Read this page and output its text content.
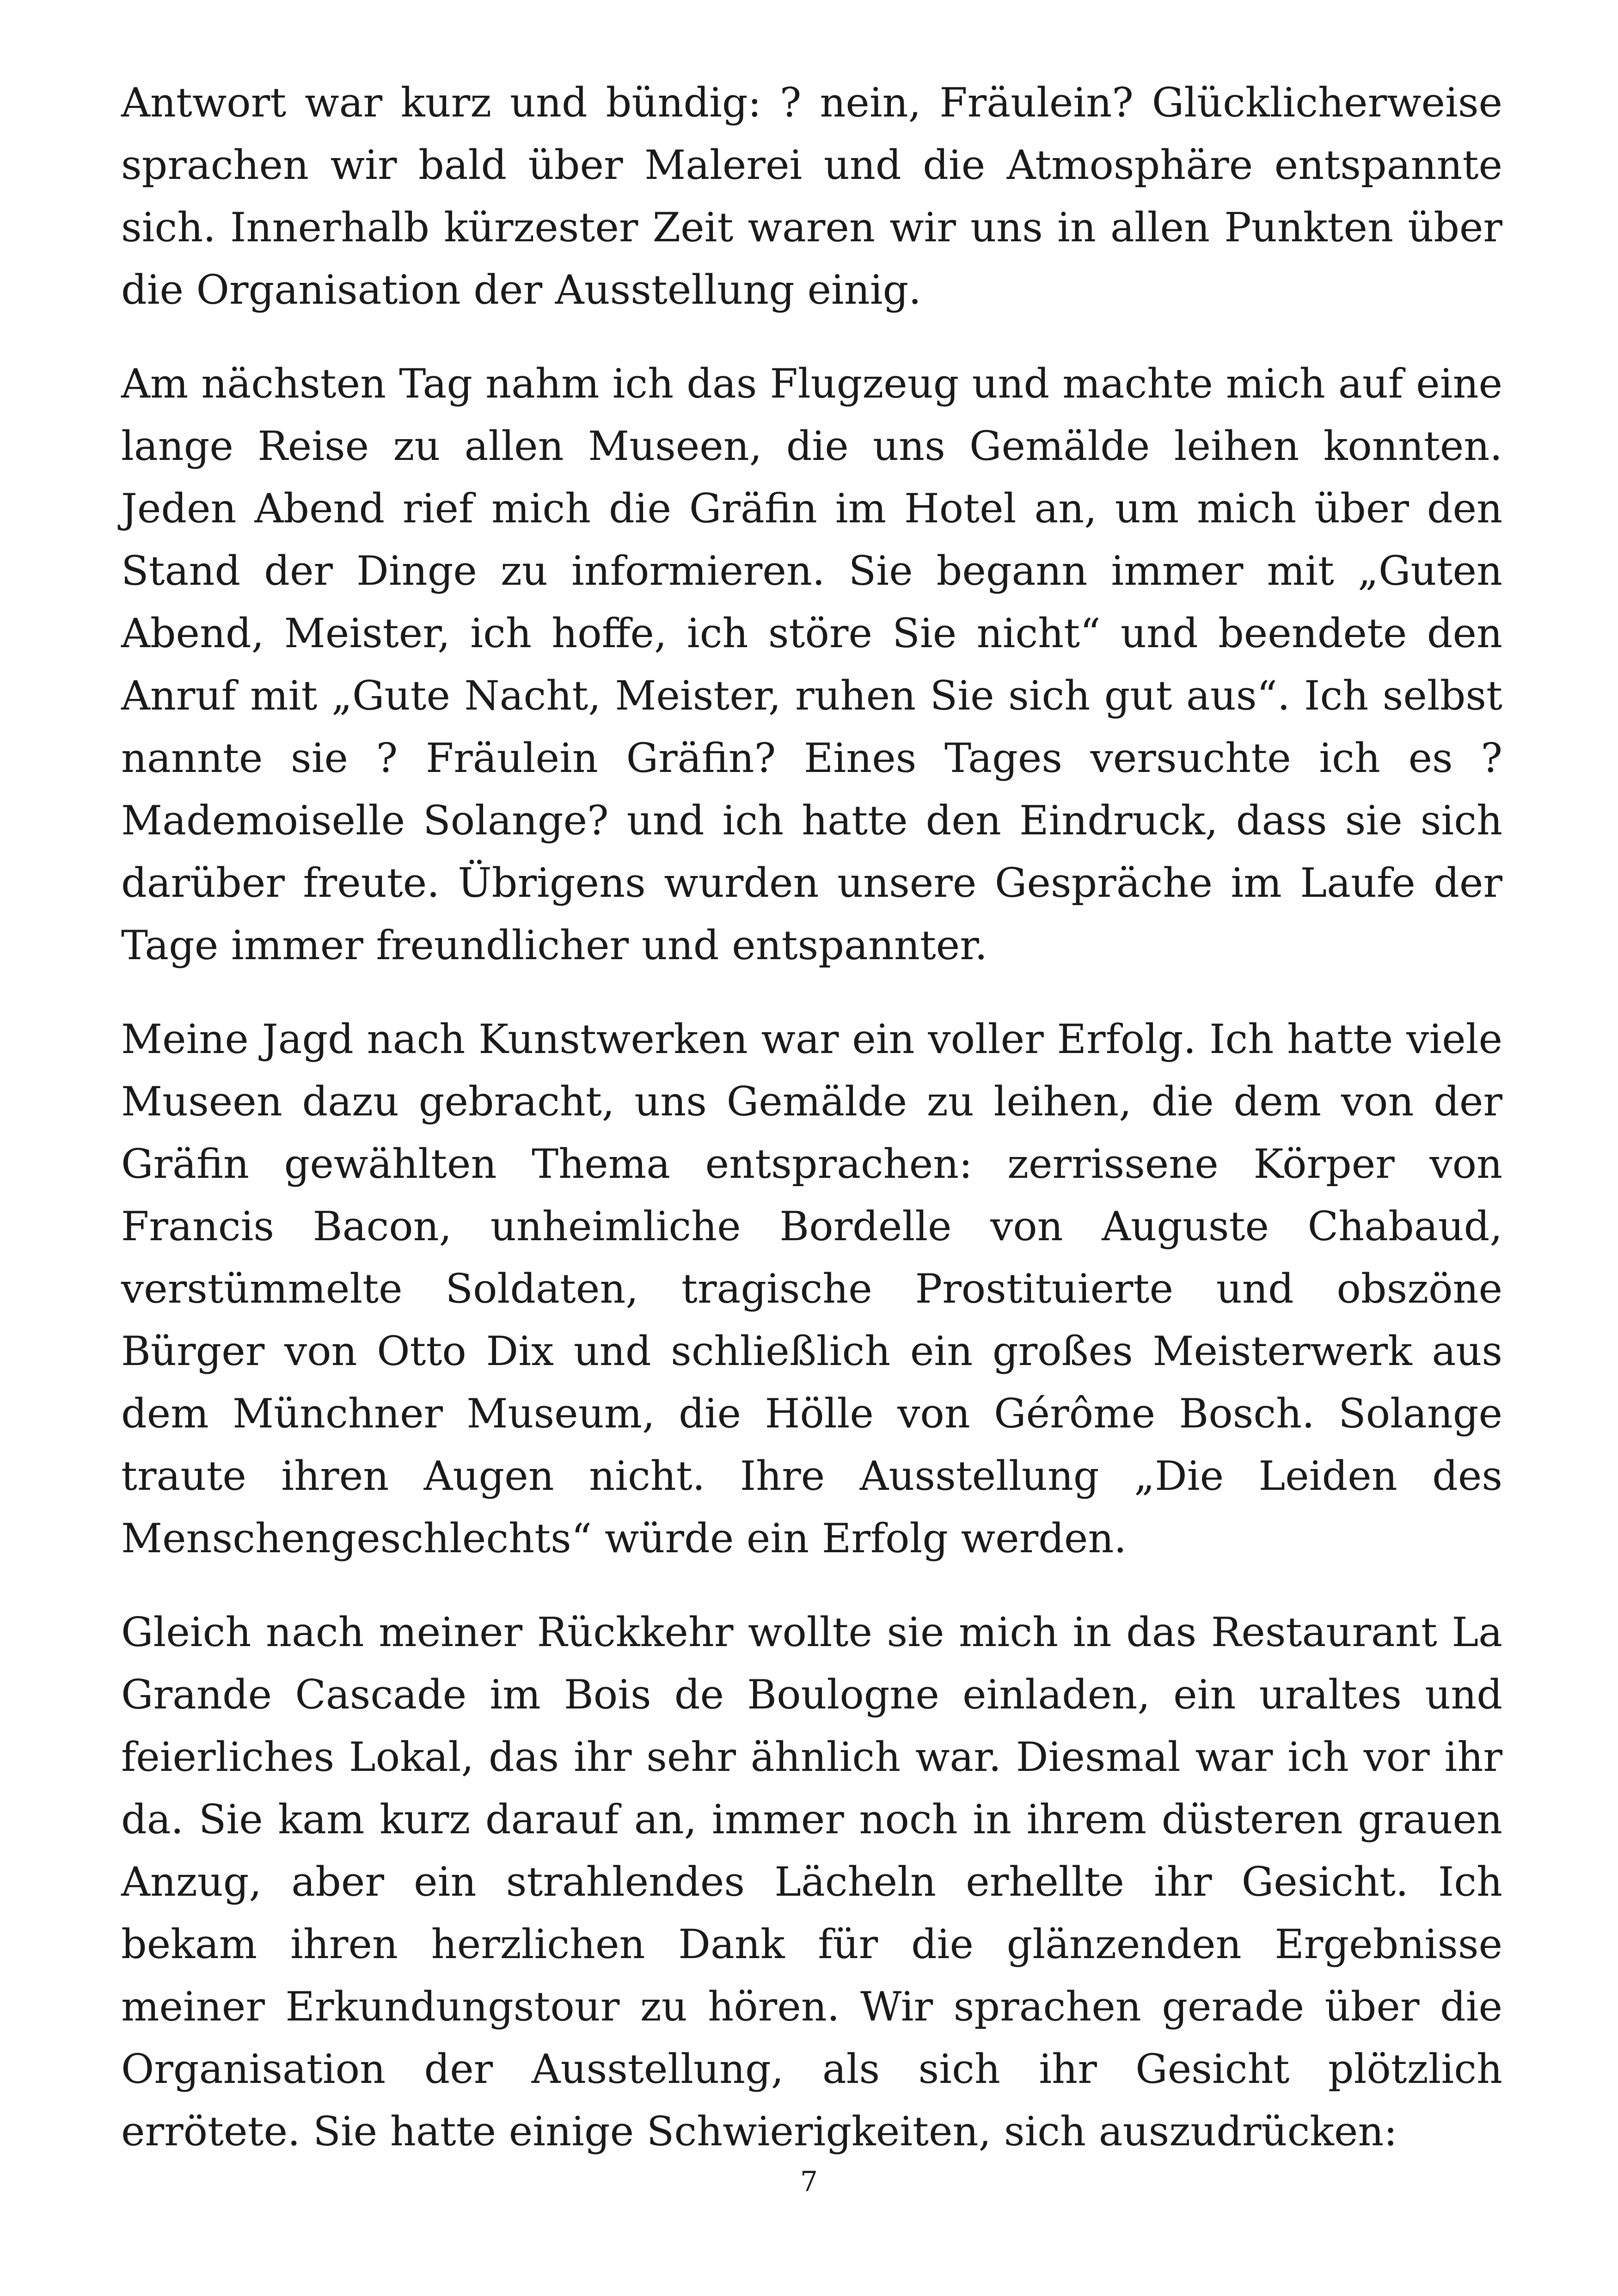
Antwort war kurz und bündig: ? nein, Fräulein? Glücklicherweise sprachen wir bald über Malerei und die Atmosphäre entspannte sich. Innerhalb kürzester Zeit waren wir uns in allen Punkten über die Organisation der Ausstellung einig.

Am nächsten Tag nahm ich das Flugzeug und machte mich auf eine lange Reise zu allen Museen, die uns Gemälde leihen konnten. Jeden Abend rief mich die Gräfin im Hotel an, um mich über den Stand der Dinge zu informieren. Sie begann immer mit „Guten Abend, Meister, ich hoffe, ich störe Sie nicht“ und beendete den Anruf mit „Gute Nacht, Meister, ruhen Sie sich gut aus“. Ich selbst nannte sie ? Fräulein Gräfin? Eines Tages versuchte ich es ? Mademoiselle Solange? und ich hatte den Eindruck, dass sie sich darüber freute. Übrigens wurden unsere Gespräche im Laufe der Tage immer freundlicher und entspannter.

Meine Jagd nach Kunstwerken war ein voller Erfolg. Ich hatte viele Museen dazu gebracht, uns Gemälde zu leihen, die dem von der Gräfin gewählten Thema entsprachen: zerrissene Körper von Francis Bacon, unheimliche Bordelle von Auguste Chabaud, verstümmelte Soldaten, tragische Prostituierte und obszöne Bürger von Otto Dix und schließlich ein großes Meisterwerk aus dem Münchner Museum, die Hölle von Gérôme Bosch. Solange traute ihren Augen nicht. Ihre Ausstellung „Die Leiden des Menschengeschlechts“ würde ein Erfolg werden.

Gleich nach meiner Rückkehr wollte sie mich in das Restaurant La Grande Cascade im Bois de Boulogne einladen, ein uraltes und feierliches Lokal, das ihr sehr ähnlich war. Diesmal war ich vor ihr da. Sie kam kurz darauf an, immer noch in ihrem düsteren grauen Anzug, aber ein strahlendes Lächeln erhellte ihr Gesicht. Ich bekam ihren herzlichen Dank für die glänzenden Ergebnisse meiner Erkundungstour zu hören. Wir sprachen gerade über die Organisation der Ausstellung, als sich ihr Gesicht plötzlich errötete. Sie hatte einige Schwierigkeiten, sich auszudrücken:

7
